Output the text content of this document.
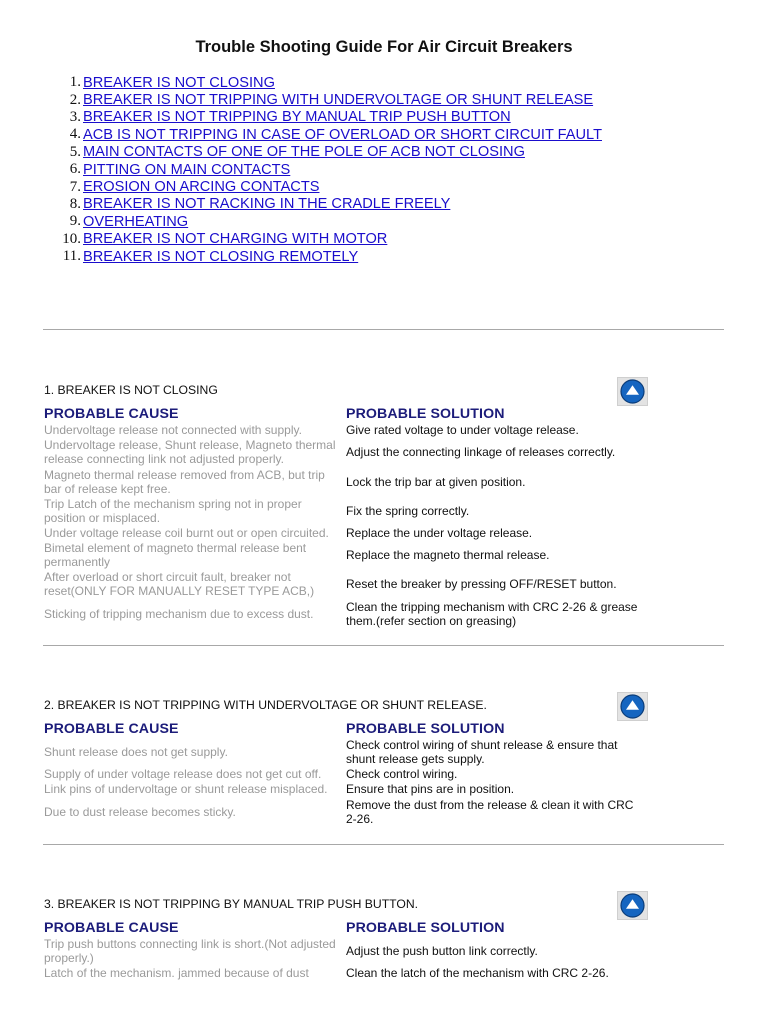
Trouble Shooting Guide For Air Circuit Breakers
1. BREAKER IS NOT CLOSING
2. BREAKER IS NOT TRIPPING WITH UNDERVOLTAGE OR SHUNT RELEASE
3. BREAKER IS NOT TRIPPING BY MANUAL TRIP PUSH BUTTON
4. ACB IS NOT TRIPPING IN CASE OF OVERLOAD OR SHORT CIRCUIT FAULT
5. MAIN CONTACTS OF ONE OF THE POLE OF ACB NOT CLOSING
6. PITTING ON MAIN CONTACTS
7. EROSION ON ARCING CONTACTS
8. BREAKER IS NOT RACKING IN THE CRADLE FREELY
9. OVERHEATING
10. BREAKER IS NOT CHARGING WITH MOTOR
11. BREAKER IS NOT CLOSING REMOTELY
1. BREAKER IS NOT CLOSING
PROBABLE CAUSE	PROBABLE SOLUTION
Undervoltage release not connected with supply.	Give rated voltage to under voltage release.
Undervoltage release, Shunt release, Magneto thermal release connecting link not adjusted properly.	Adjust the connecting linkage of releases correctly.
Magneto thermal release removed from ACB, but trip bar of release kept free.	Lock the trip bar at given position.
Trip Latch of the mechanism spring not in proper position or misplaced.	Fix the spring correctly.
Under voltage release coil burnt out or open circuited.	Replace the under voltage release.
Bimetal element of magneto thermal release bent permanently	Replace the magneto thermal release.
After overload or short circuit fault, breaker not reset(ONLY FOR MANUALLY RESET TYPE ACB,)	Reset the breaker by pressing OFF/RESET button.
Sticking of tripping mechanism due to excess dust.	Clean the tripping mechanism with CRC 2-26 & grease them.(refer section on greasing)
2. BREAKER IS NOT TRIPPING WITH UNDERVOLTAGE OR SHUNT RELEASE.
PROBABLE CAUSE	PROBABLE SOLUTION
Shunt release does not get supply.	Check control wiring of shunt release & ensure that shunt release gets supply.
Supply of under voltage release does not get cut off.	Check control wiring.
Link pins of undervoltage or shunt release misplaced.	Ensure that pins are in position.
Due to dust release becomes sticky.	Remove the dust from the release & clean it with CRC 2-26.
3. BREAKER IS NOT TRIPPING BY MANUAL TRIP PUSH BUTTON.
PROBABLE CAUSE	PROBABLE SOLUTION
Trip push buttons connecting link is short.(Not adjusted properly.)	Adjust the push button link correctly.
Latch of the mechanism. jammed because of dust	Clean the latch of the mechanism with CRC 2-26.
